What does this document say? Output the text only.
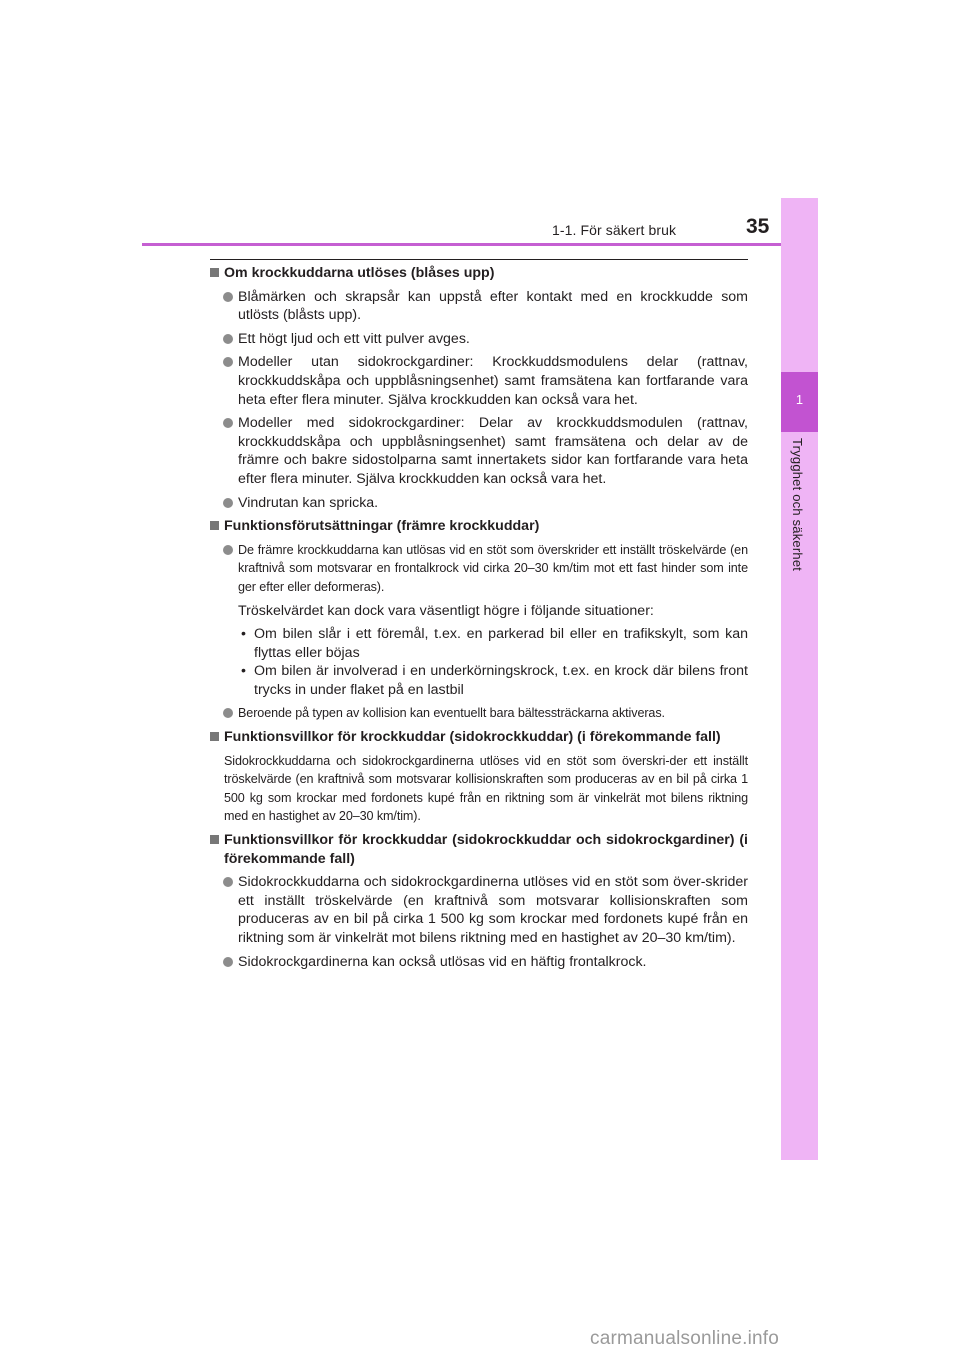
1-1. För säkert bruk	35
1
Trygghet och säkerhet
Om krockkuddarna utlöses (blåses upp)
Blåmärken och skrapsår kan uppstå efter kontakt med en krockkudde som utlösts (blåsts upp).
Ett högt ljud och ett vitt pulver avges.
Modeller utan sidokrockgardiner: Krockkuddsmodulens delar (rattnav, krockkuddskåpa och uppblåsningsenhet) samt framsätena kan fortfarande vara heta efter flera minuter. Själva krockkudden kan också vara het.
Modeller med sidokrockgardiner: Delar av krockkuddsmodulen (rattnav, krockkuddskåpa och uppblåsningsenhet) samt framsätena och delar av de främre och bakre sidostolparna samt innertakets sidor kan fortfarande vara heta efter flera minuter. Själva krockkudden kan också vara het.
Vindrutan kan spricka.
Funktionsförutsättningar (främre krockkuddar)
De främre krockkuddarna kan utlösas vid en stöt som överskrider ett inställt tröskelvärde (en kraftnivå som motsvarar en frontalkrock vid cirka 20–30 km/tim mot ett fast hinder som inte ger efter eller deformeras).
Tröskelvärdet kan dock vara väsentligt högre i följande situationer:
• Om bilen slår i ett föremål, t.ex. en parkerad bil eller en trafikskylt, som kan flyttas eller böjas
• Om bilen är involverad i en underkörningskrock, t.ex. en krock där bilens front trycks in under flaket på en lastbil
Beroende på typen av kollision kan eventuellt bara bältessträckarna aktiveras.
Funktionsvillkor för krockkuddar (sidokrockkuddar) (i förekommande fall)
Sidokrockkuddarna och sidokrockgardinerna utlöses vid en stöt som överskri-der ett inställt tröskelvärde (en kraftnivå som motsvarar kollisionskraften som produceras av en bil på cirka 1 500 kg som krockar med fordonets kupé från en riktning som är vinkelrät mot bilens riktning med en hastighet av 20–30 km/tim).
Funktionsvillkor för krockkuddar (sidokrockkuddar och sidokrockgardiner) (i förekommande fall)
Sidokrockkuddarna och sidokrockgardinerna utlöses vid en stöt som över-skrider ett inställt tröskelvärde (en kraftnivå som motsvarar kollisionskraften som produceras av en bil på cirka 1 500 kg som krockar med fordonets kupé från en riktning som är vinkelrät mot bilens riktning med en hastighet av 20–30 km/tim).
Sidokrockgardinerna kan också utlösas vid en häftig frontalkrock.
carmanualsonline.info
